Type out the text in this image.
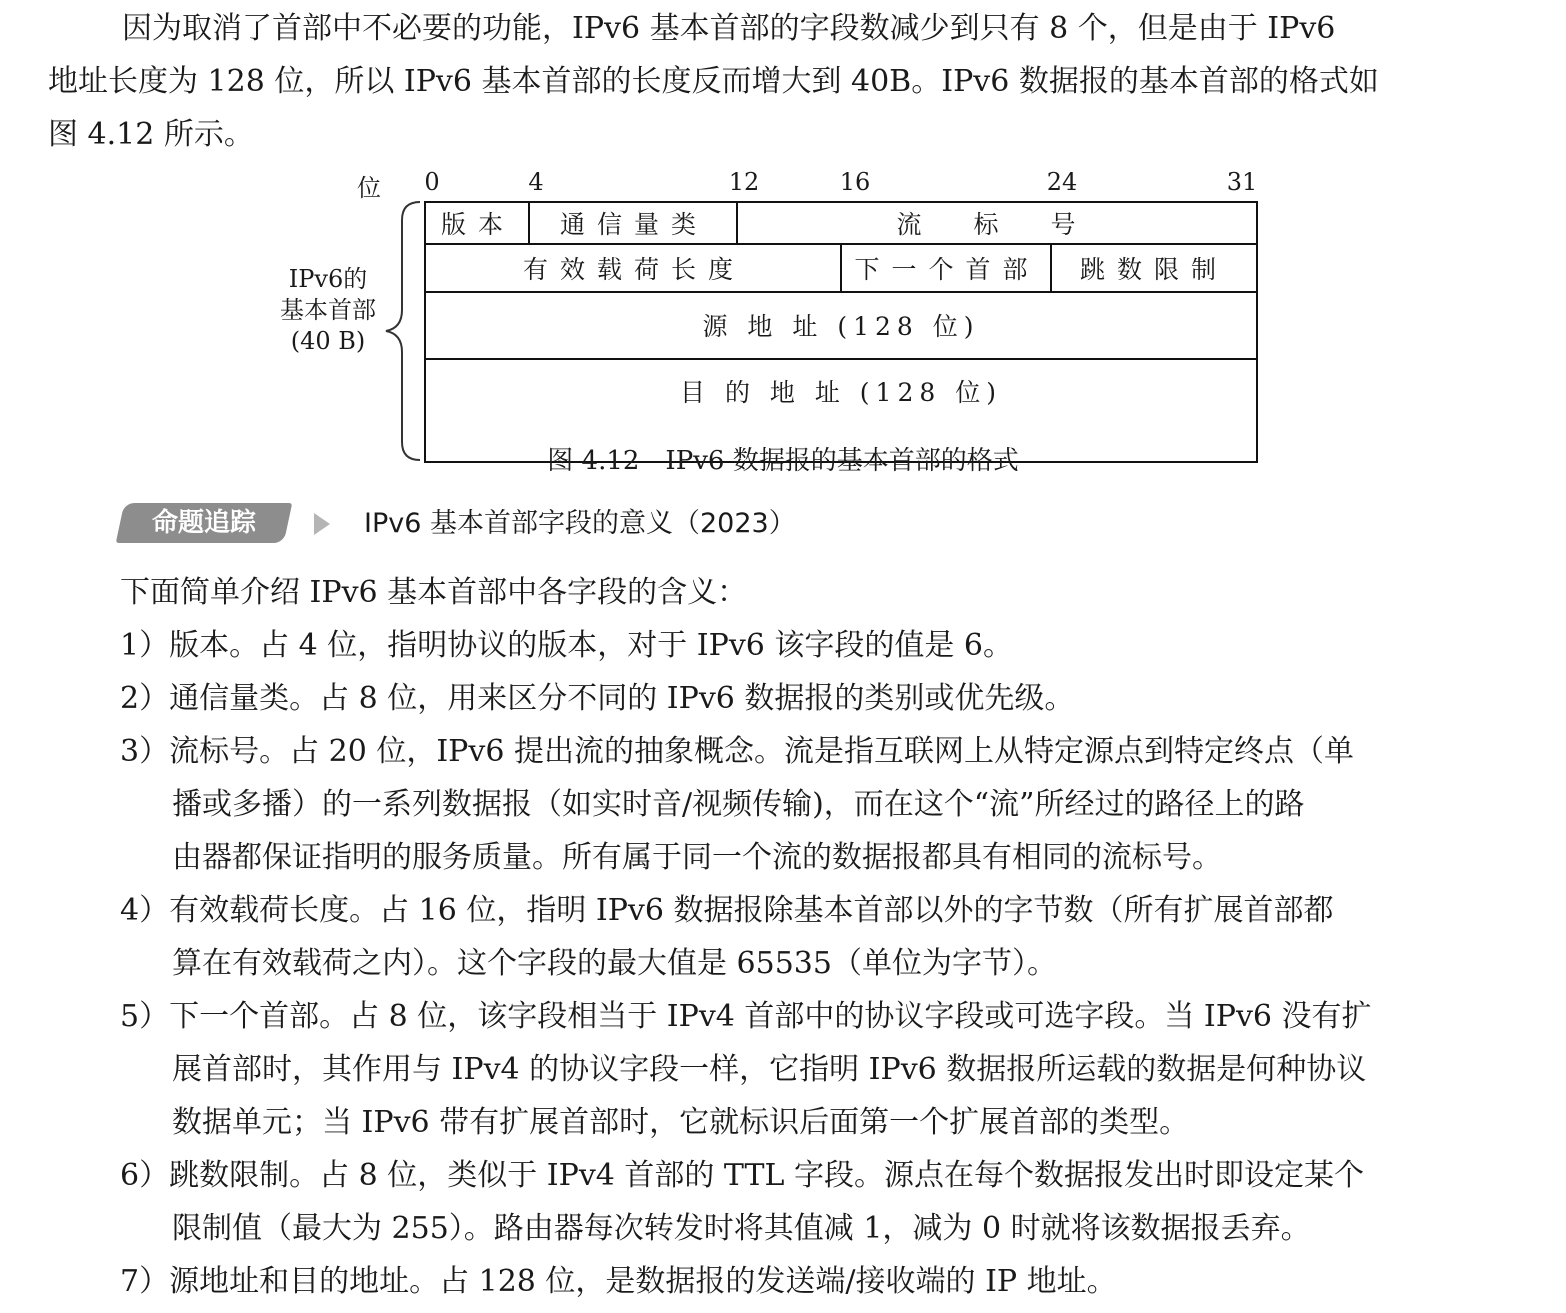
因为取消了首部中不必要的功能，IPv6 基本首部的字段数减少到只有 8 个，但是由于 IPv6
地址长度为 128 位，所以 IPv6 基本首部的长度反而增大到 40B。IPv6 数据报的基本首部的格式如
图 4.12 所示。
位 0	4	12	16	24	31
IPv6的
基本首部
(40 B)
版本	通信量类	流 标 号
有效载荷长度	下一个首部	跳数限制
源 地 址 (128 位)
目 的 地 址 (128 位)
图 4.12　IPv6 数据报的基本首部的格式
命题追踪	IPv6 基本首部字段的意义（2023）
下面简单介绍 IPv6 基本首部中各字段的含义：
1）版本。占 4 位，指明协议的版本，对于 IPv6 该字段的值是 6。
2）通信量类。占 8 位，用来区分不同的 IPv6 数据报的类别或优先级。
3）流标号。占 20 位，IPv6 提出流的抽象概念。流是指互联网上从特定源点到特定终点（单
播或多播）的一系列数据报（如实时音/视频传输)，而在这个“流”所经过的路径上的路
由器都保证指明的服务质量。所有属于同一个流的数据报都具有相同的流标号。
4）有效载荷长度。占 16 位，指明 IPv6 数据报除基本首部以外的字节数（所有扩展首部都
算在有效载荷之内）。这个字段的最大值是 65535（单位为字节）。
5）下一个首部。占 8 位，该字段相当于 IPv4 首部中的协议字段或可选字段。当 IPv6 没有扩
展首部时，其作用与 IPv4 的协议字段一样，它指明 IPv6 数据报所运载的数据是何种协议
数据单元；当 IPv6 带有扩展首部时，它就标识后面第一个扩展首部的类型。
6）跳数限制。占 8 位，类似于 IPv4 首部的 TTL 字段。源点在每个数据报发出时即设定某个
限制值（最大为 255）。路由器每次转发时将其值减 1，减为 0 时就将该数据报丢弃。
7）源地址和目的地址。占 128 位，是数据报的发送端/接收端的 IP 地址。
